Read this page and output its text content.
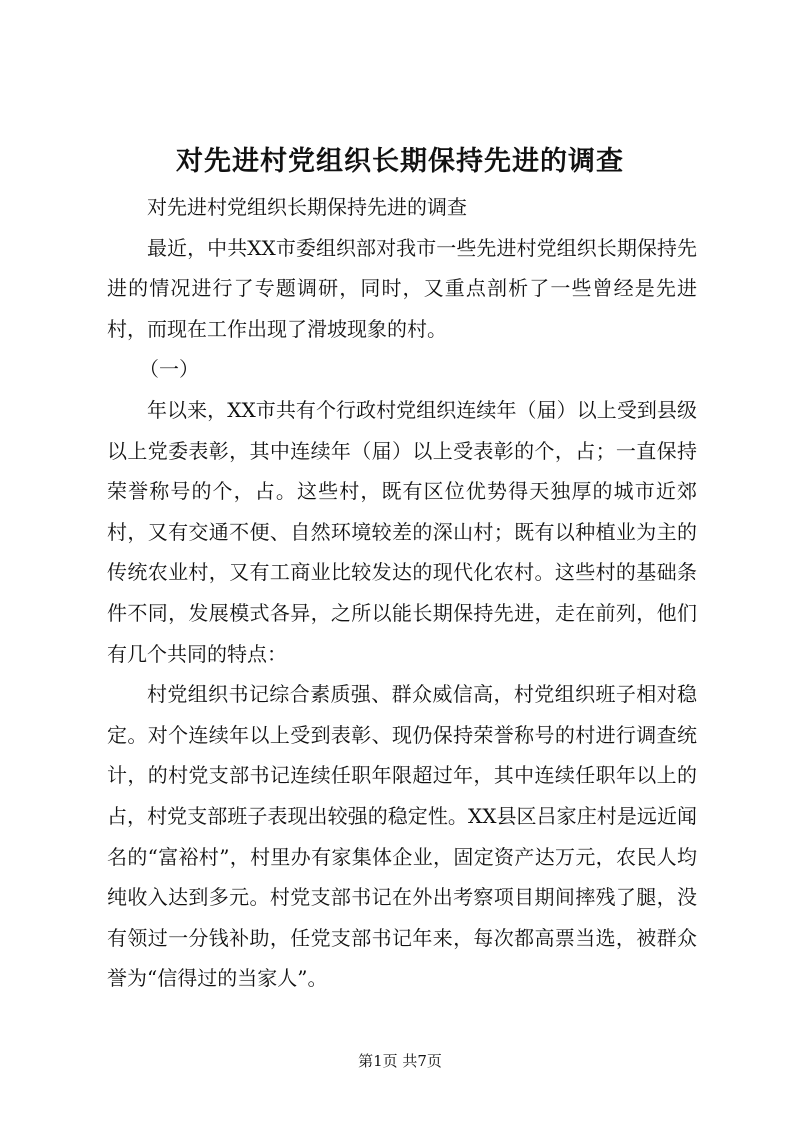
对先进村党组织长期保持先进的调查

对先进村党组织长期保持先进的调查

最近，中共XX市委组织部对我市一些先进村党组织长期保持先进的情况进行了专题调研，同时，又重点剖析了一些曾经是先进村，而现在工作出现了滑坡现象的村。

（一）

年以来，XX市共有个行政村党组织连续年（届）以上受到县级以上党委表彰，其中连续年（届）以上受表彰的个，占；一直保持荣誉称号的个，占。这些村，既有区位优势得天独厚的城市近郊村，又有交通不便、自然环境较差的深山村；既有以种植业为主的传统农业村，又有工商业比较发达的现代化农村。这些村的基础条件不同，发展模式各异，之所以能长期保持先进，走在前列，他们有几个共同的特点：

村党组织书记综合素质强、群众威信高，村党组织班子相对稳定。对个连续年以上受到表彰、现仍保持荣誉称号的村进行调查统计，的村党支部书记连续任职年限超过年，其中连续任职年以上的占，村党支部班子表现出较强的稳定性。XX县区吕家庄村是远近闻名的“富裕村”，村里办有家集体企业，固定资产达万元，农民人均纯收入达到多元。村党支部书记在外出考察项目期间摔残了腿，没有领过一分钱补助，任党支部书记年来，每次都高票当选，被群众誉为“信得过的当家人”。

第1页 共7页
